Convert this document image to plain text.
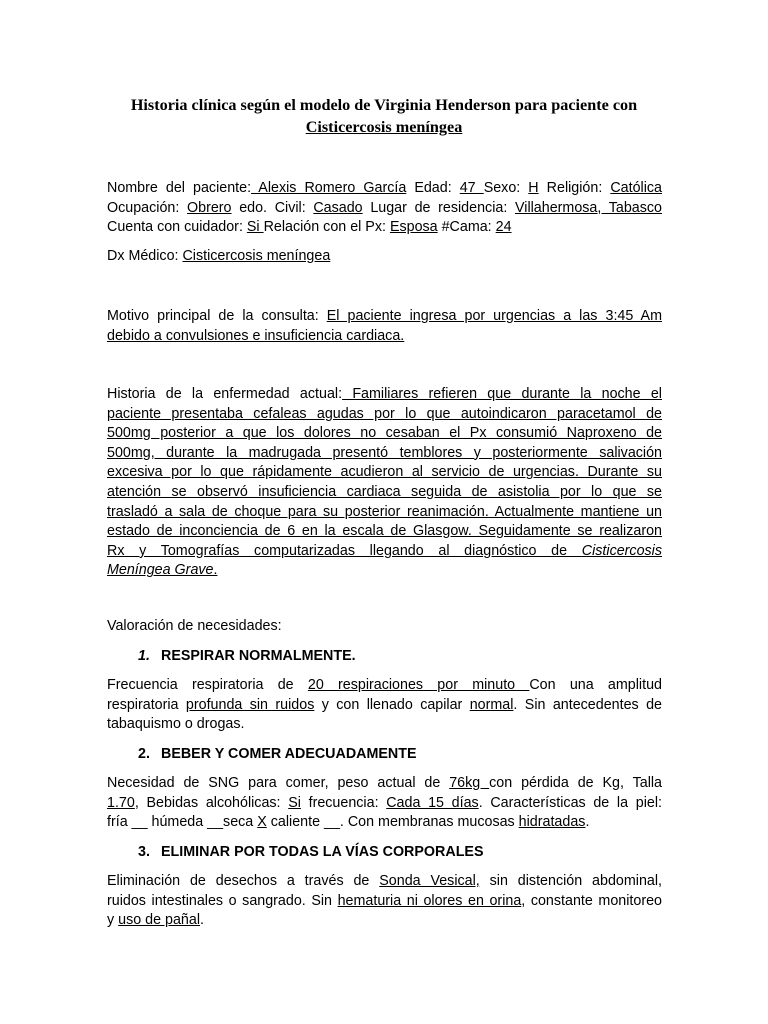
Historia clínica según el modelo de Virginia Henderson para paciente con
Cisticercosis meníngea
Nombre del paciente: Alexis Romero García Edad: 47 Sexo: H Religión: Católica
Ocupación: Obrero edo. Civil: Casado Lugar de residencia: Villahermosa, Tabasco
Cuenta con cuidador: Si Relación con el Px: Esposa #Cama: 24
Dx Médico: Cisticercosis meníngea
Motivo principal de la consulta: El paciente ingresa por urgencias a las 3:45 Am
debido a convulsiones e insuficiencia cardiaca.
Historia de la enfermedad actual: Familiares refieren que durante la noche el
paciente presentaba cefaleas agudas por lo que autoindicaron paracetamol de
500mg posterior a que los dolores no cesaban el Px consumió Naproxeno de
500mg, durante la madrugada presentó temblores y posteriormente salivación
excesiva por lo que rápidamente acudieron al servicio de urgencias. Durante su
atención se observó insuficiencia cardiaca seguida de asistolia por lo que se
trasladó a sala de choque para su posterior reanimación. Actualmente mantiene un
estado de inconciencia de 6 en la escala de Glasgow. Seguidamente se realizaron
Rx y Tomografías computarizadas llegando al diagnóstico de Cisticercosis
Meníngea Grave.
Valoración de necesidades:
1. RESPIRAR NORMALMENTE.
Frecuencia respiratoria de 20 respiraciones por minuto Con una amplitud
respiratoria profunda sin ruidos y con llenado capilar normal. Sin antecedentes de
tabaquismo o drogas.
2. BEBER Y COMER ADECUADAMENTE
Necesidad de SNG para comer, peso actual de 76kg con pérdida de Kg, Talla
1.70, Bebidas alcohólicas: Si frecuencia: Cada 15 días. Características de la piel:
fría __ húmeda __seca X caliente __. Con membranas mucosas hidratadas.
3. ELIMINAR POR TODAS LA VÍAS CORPORALES
Eliminación de desechos a través de Sonda Vesical, sin distención abdominal,
ruidos intestinales o sangrado. Sin hematuria ni olores en orina, constante monitoreo
y uso de pañal.
